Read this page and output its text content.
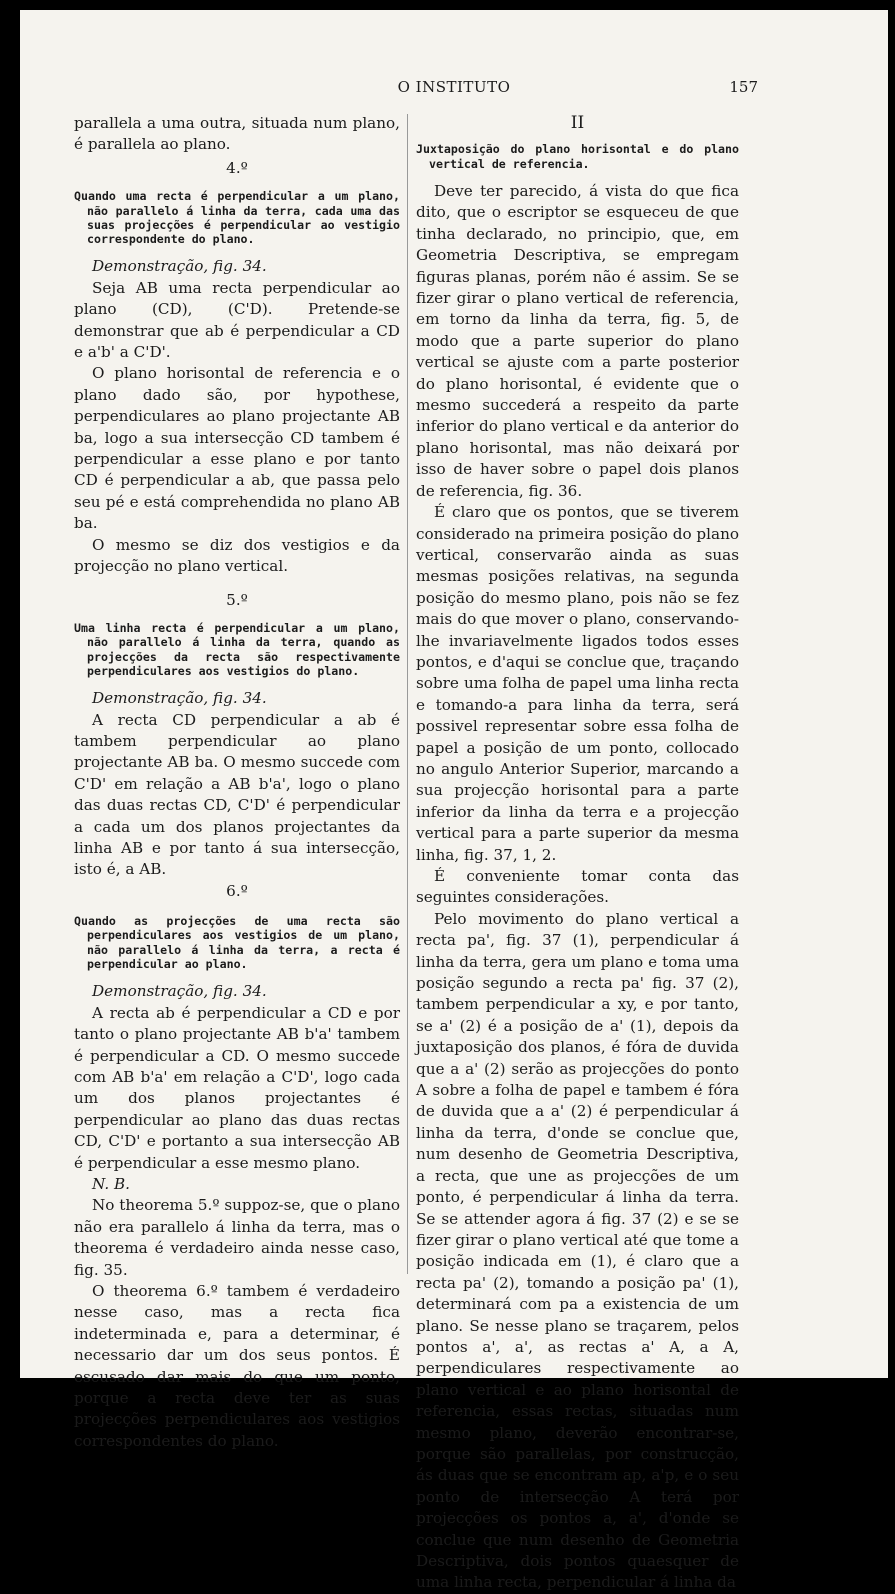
O INSTITUTO	157

parallela a uma outra, situada num plano, é parallela ao plano.

4.º

Quando uma recta é perpendicular a um plano, não parallelo á linha da terra, cada uma das suas projecções é perpendicular ao vestigio correspondente do plano.

Demonstração, fig. 34.

Seja AB uma recta perpendicular ao plano (CD), (C'D). Pretende-se demonstrar que ab é perpendicular a CD e a'b' a C'D'.

O plano horisontal de referencia e o plano dado são, por hypothese, perpendiculares ao plano projectante AB ba, logo a sua intersecção CD tambem é perpendicular a esse plano e por tanto CD é perpendicular a ab, que passa pelo seu pé e está comprehendida no plano AB ba.

O mesmo se diz dos vestigios e da projecção no plano vertical.

5.º

Uma linha recta é perpendicular a um plano, não parallelo á linha da terra, quando as projecções da recta são respectivamente perpendiculares aos vestigios do plano.

Demonstração, fig. 34.

A recta CD perpendicular a ab é tambem perpendicular ao plano projectante AB ba. O mesmo succede com C'D' em relação a AB b'a', logo o plano das duas rectas CD, C'D' é perpendicular a cada um dos planos projectantes da linha AB e por tanto á sua intersecção, isto é, a AB.

6.º

Quando as projecções de uma recta são perpendiculares aos vestigios de um plano, não parallelo á linha da terra, a recta é perpendicular ao plano.

Demonstração, fig. 34.

A recta ab é perpendicular a CD e por tanto o plano projectante AB b'a' tambem é perpendicular a CD. O mesmo succede com AB b'a' em relação a C'D', logo cada um dos planos projectantes é perpendicular ao plano das duas rectas CD, C'D' e portanto a sua intersecção AB é perpendicular a esse mesmo plano.

N. B.

No theorema 5.º suppoz-se, que o plano não era parallelo á linha da terra, mas o theorema é verdadeiro ainda nesse caso, fig. 35.

O theorema 6.º tambem é verdadeiro nesse caso, mas a recta fica indeterminada e, para a determinar, é necessario dar um dos seus pontos. É escusado dar mais do que um ponto, porque a recta deve ter as suas projecções perpendiculares aos vestigios correspondentes do plano.

II

Juxtaposição do plano horisontal e do plano vertical de referencia.

Deve ter parecido, á vista do que fica dito, que o escriptor se esqueceu de que tinha declarado, no principio, que, em Geometria Descriptiva, se empregam figuras planas, porém não é assim. Se se fizer girar o plano vertical de referencia, em torno da linha da terra, fig. 5, de modo que a parte superior do plano vertical se ajuste com a parte posterior do plano horisontal, é evidente que o mesmo succederá a respeito da parte inferior do plano vertical e da anterior do plano horisontal, mas não deixará por isso de haver sobre o papel dois planos de referencia, fig. 36.

É claro que os pontos, que se tiverem considerado na primeira posição do plano vertical, conservarão ainda as suas mesmas posições relativas, na segunda posição do mesmo plano, pois não se fez mais do que mover o plano, conservando-lhe invariavelmente ligados todos esses pontos, e d'aqui se conclue que, traçando sobre uma folha de papel uma linha recta e tomando-a para linha da terra, será possivel representar sobre essa folha de papel a posição de um ponto, collocado no angulo Anterior Superior, marcando a sua projecção horisontal para a parte inferior da linha da terra e a projecção vertical para a parte superior da mesma linha, fig. 37, 1, 2.

É conveniente tomar conta das seguintes considerações.

Pelo movimento do plano vertical a recta pa', fig. 37 (1), perpendicular á linha da terra, gera um plano e toma uma posição segundo a recta pa' fig. 37 (2), tambem perpendicular a xy, e por tanto, se a' (2) é a posição de a' (1), depois da juxtaposição dos planos, é fóra de duvida que a a' (2) serão as projecções do ponto A sobre a folha de papel e tambem é fóra de duvida que a a' (2) é perpendicular á linha da terra, d'onde se conclue que, num desenho de Geometria Descriptiva, a recta, que une as projecções de um ponto, é perpendicular á linha da terra. Se se attender agora á fig. 37 (2) e se se fizer girar o plano vertical até que tome a posição indicada em (1), é claro que a recta pa' (2), tomando a posição pa' (1), determinará com pa a existencia de um plano. Se nesse plano se traçarem, pelos pontos a', a', as rectas a' A, a A, perpendiculares respectivamente ao plano vertical e ao plano horisontal de referencia, essas rectas, situadas num mesmo plano, deverão encontrar-se, porque são parallelas, por construcção, ás duas que se encontram ap, a'p, e o seu ponto de intersecção A terá por projecções os pontos a, a', d'onde se conclue que num desenho de Geometria Descriptiva, dois pontos quaesquer de uma linha recta, perpendicular á linha da
